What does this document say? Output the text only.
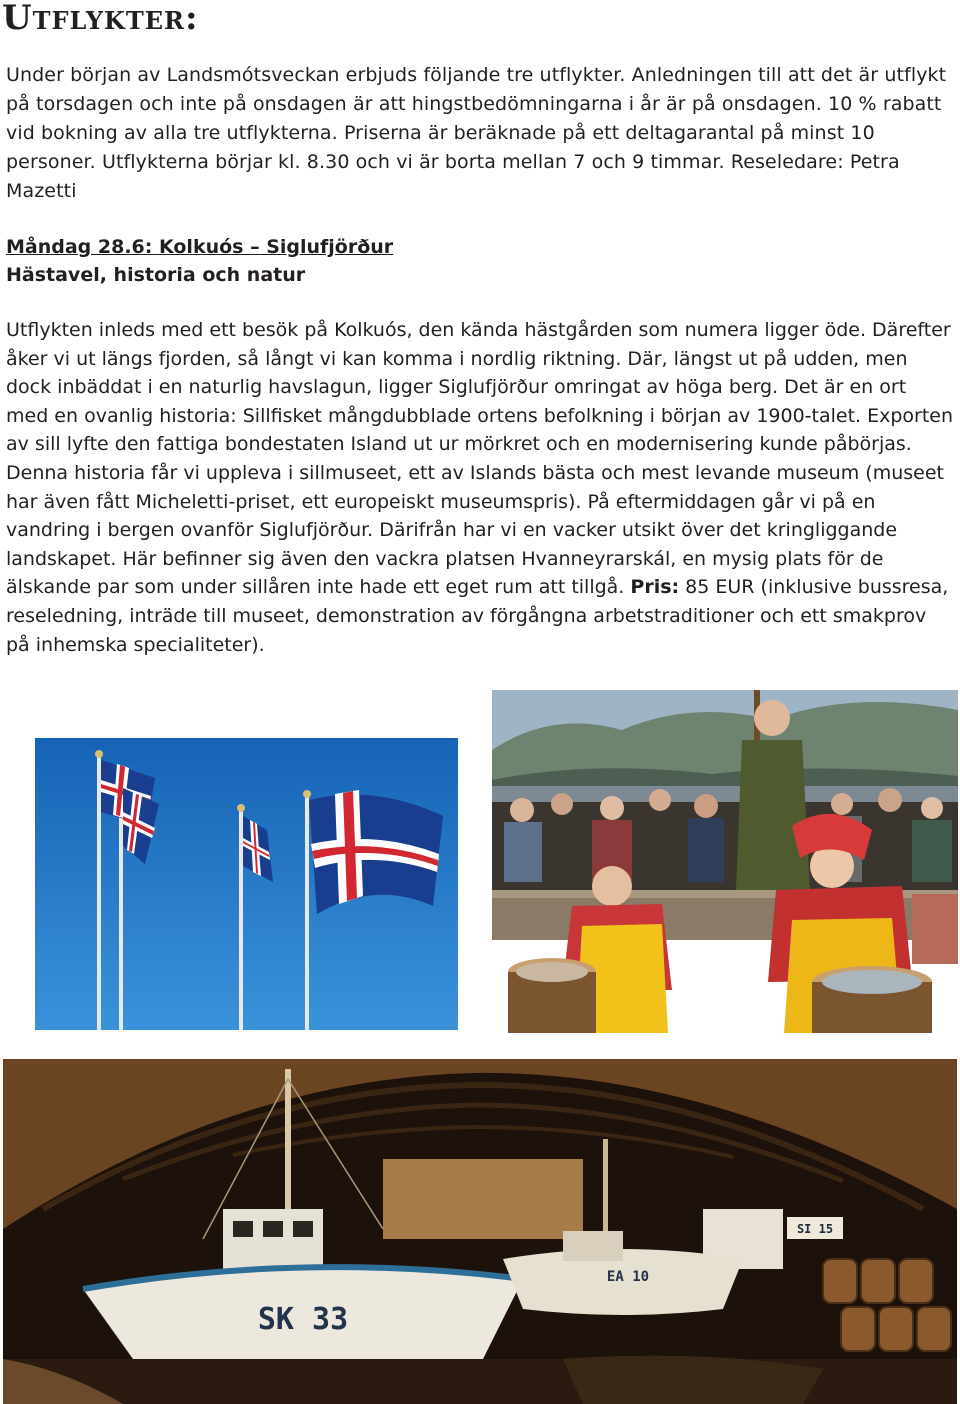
Utflykter:

Under början av Landsmótsveckan erbjuds följande tre utflykter. Anledningen till att det är utflykt på torsdagen och inte på onsdagen är att hingstbedömningarna i år är på onsdagen. 10 % rabatt vid bokning av alla tre utflykterna. Priserna är beräknade på ett deltagarantal på minst 10 personer. Utflykterna börjar kl. 8.30 och vi är borta mellan 7 och 9 timmar. Reseledare: Petra Mazetti

Måndag 28.6: Kolkuós – Siglufjörður
Hästavel, historia och natur

Utflykten inleds med ett besök på Kolkuós, den kända hästgården som numera ligger öde. Därefter åker vi ut längs fjorden, så långt vi kan komma i nordlig riktning. Där, längst ut på udden, men dock inbäddat i en naturlig havslagun, ligger Siglufjörður omringat av höga berg. Det är en ort med en ovanlig historia: Sillfisket mångdubblade ortens befolkning i början av 1900-talet. Exporten av sill lyfte den fattiga bondestaten Island ut ur mörkret och en modernisering kunde påbörjas. Denna historia får vi uppleva i sillmuseet, ett av Islands bästa och mest levande museum (museet har även fått Micheletti-priset, ett europeiskt museumspris). På eftermiddagen går vi på en vandring i bergen ovanför Siglufjörður. Därifrån har vi en vacker utsikt över det kringliggande landskapet. Här befinner sig även den vackra platsen Hvanneyrarskál, en mysig plats för de älskande par som under sillåren inte hade ett eget rum att tillgå. Pris: 85 EUR (inklusive bussresa, reseledning, inträde till museet, demonstration av förgångna arbetstraditioner och ett smakprov på inhemska specialiteter).

SK 33
EA 10
SI 15
